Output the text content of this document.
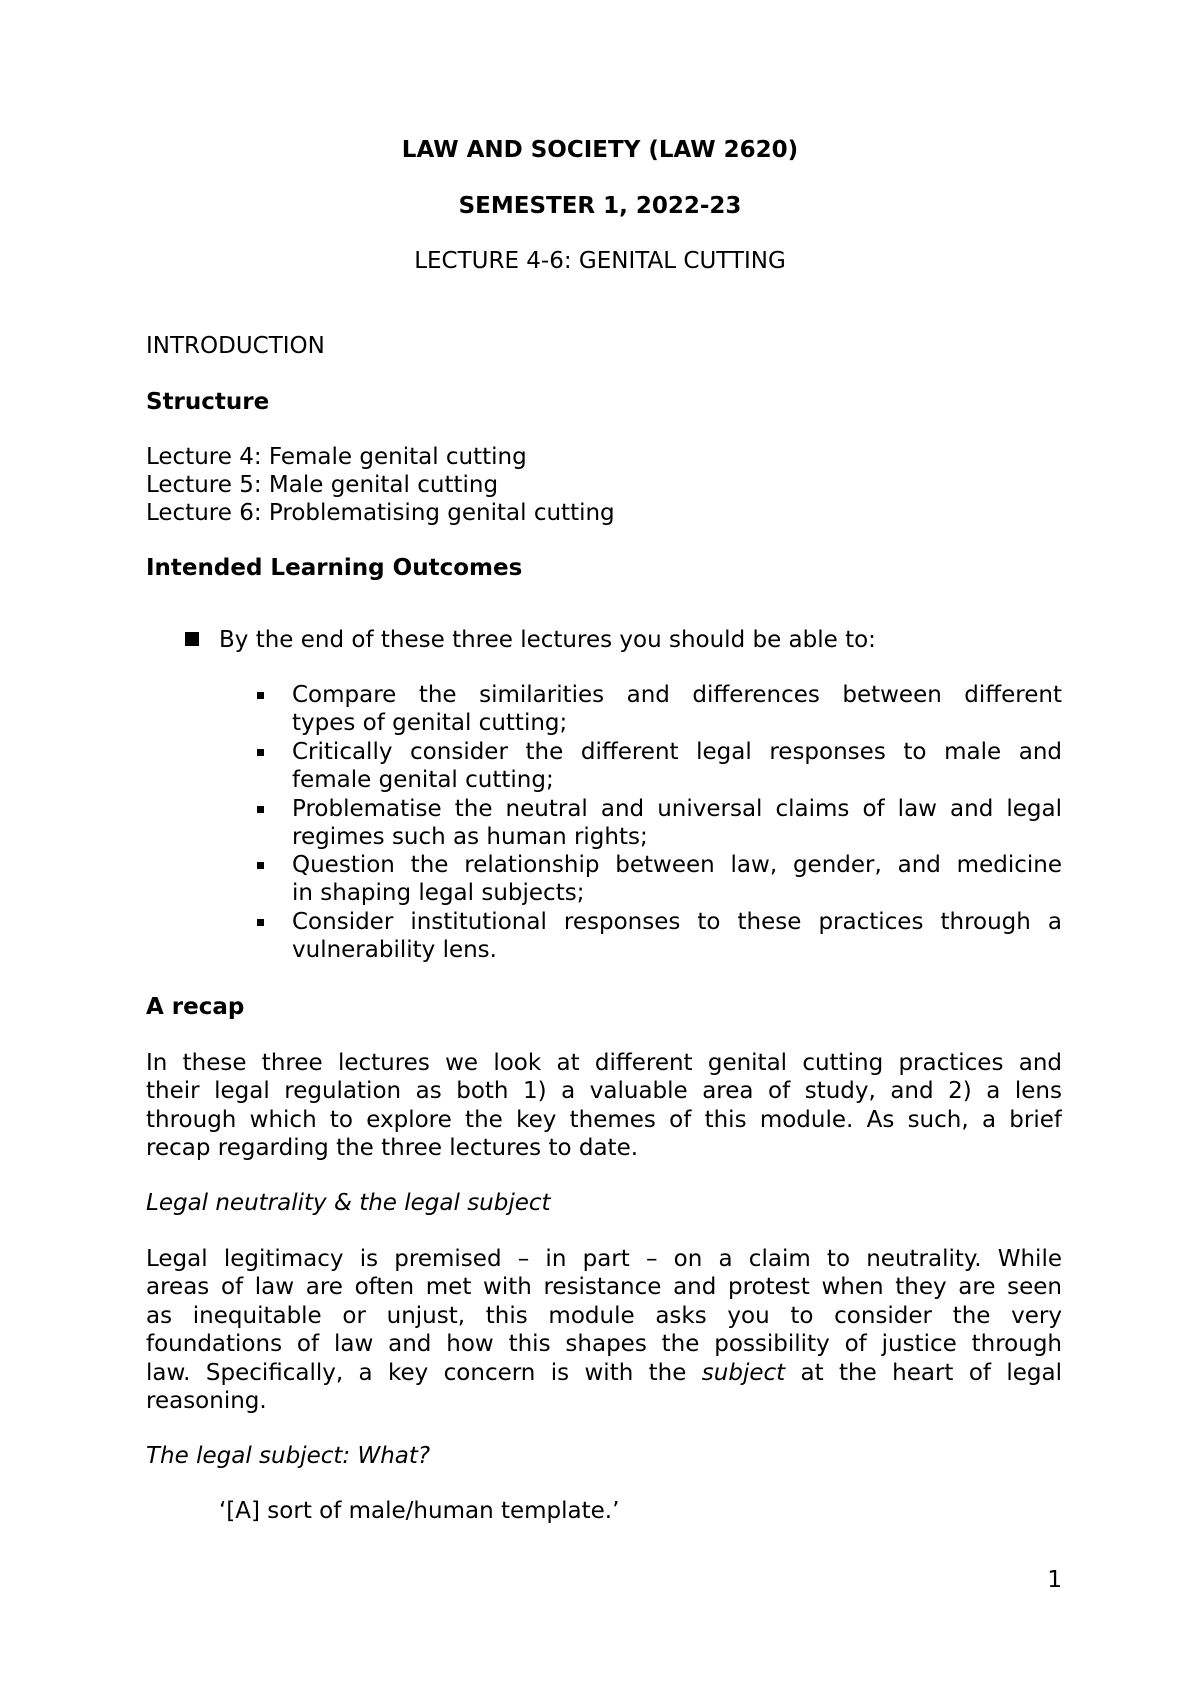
LAW AND SOCIETY (LAW 2620)
SEMESTER 1, 2022-23
LECTURE 4-6: GENITAL CUTTING
INTRODUCTION
Structure
Lecture 4: Female genital cutting
Lecture 5: Male genital cutting
Lecture 6: Problematising genital cutting
Intended Learning Outcomes
By the end of these three lectures you should be able to:
Compare the similarities and differences between different
types of genital cutting;
Critically consider the different legal responses to male and
female genital cutting;
Problematise the neutral and universal claims of law and legal
regimes such as human rights;
Question the relationship between law, gender, and medicine
in shaping legal subjects;
Consider institutional responses to these practices through a
vulnerability lens.
A recap
In these three lectures we look at different genital cutting practices and
their legal regulation as both 1) a valuable area of study, and 2) a lens
through which to explore the key themes of this module. As such, a brief
recap regarding the three lectures to date.
Legal neutrality & the legal subject
Legal legitimacy is premised – in part – on a claim to neutrality. While
areas of law are often met with resistance and protest when they are seen
as inequitable or unjust, this module asks you to consider the very
foundations of law and how this shapes the possibility of justice through
law. Specifically, a key concern is with the subject at the heart of legal
reasoning.
The legal subject: What?
‘[A] sort of male/human template.’
1
